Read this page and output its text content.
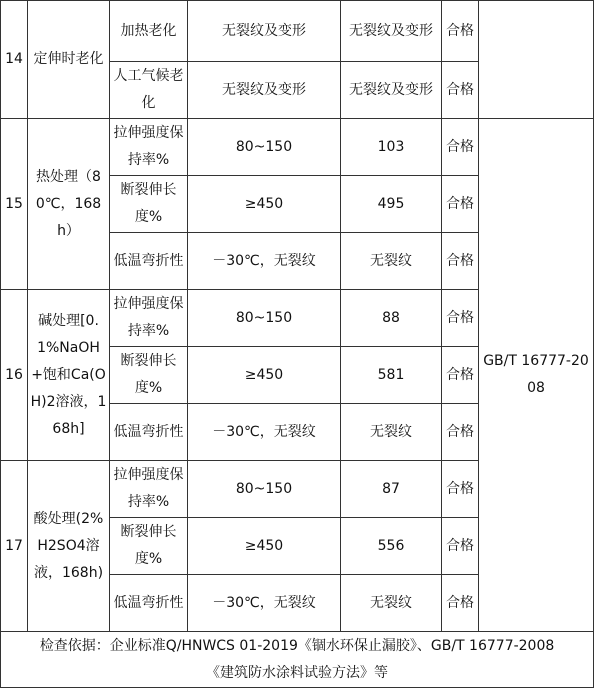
14	定伸时老化	加热老化	无裂纹及变形	无裂纹及变形	合格	
		人工气候老化	无裂纹及变形	无裂纹及变形	合格	
15	热处理（80℃，168h）	拉伸强度保持率%	80~150	103	合格	GB/T 16777-2008
		断裂伸长度%	≥450	495	合格	
		低温弯折性	－30℃，无裂纹	无裂纹	合格	
16	碱处理[0.1%NaOH+饱和Ca(OH)2溶液，168h]	拉伸强度保持率%	80~150	88	合格	
		断裂伸长度%	≥450	581	合格	
		低温弯折性	－30℃，无裂纹	无裂纹	合格	
17	酸处理(2%H2SO4溶液，168h)	拉伸强度保持率%	80~150	87	合格	
		断裂伸长度%	≥450	556	合格	
		低温弯折性	－30℃，无裂纹	无裂纹	合格	

检查依据：企业标准Q/HNWCS 01-2019《锢水环保止漏胶》、GB/T 16777-2008
《建筑防水涂料试验方法》等						
